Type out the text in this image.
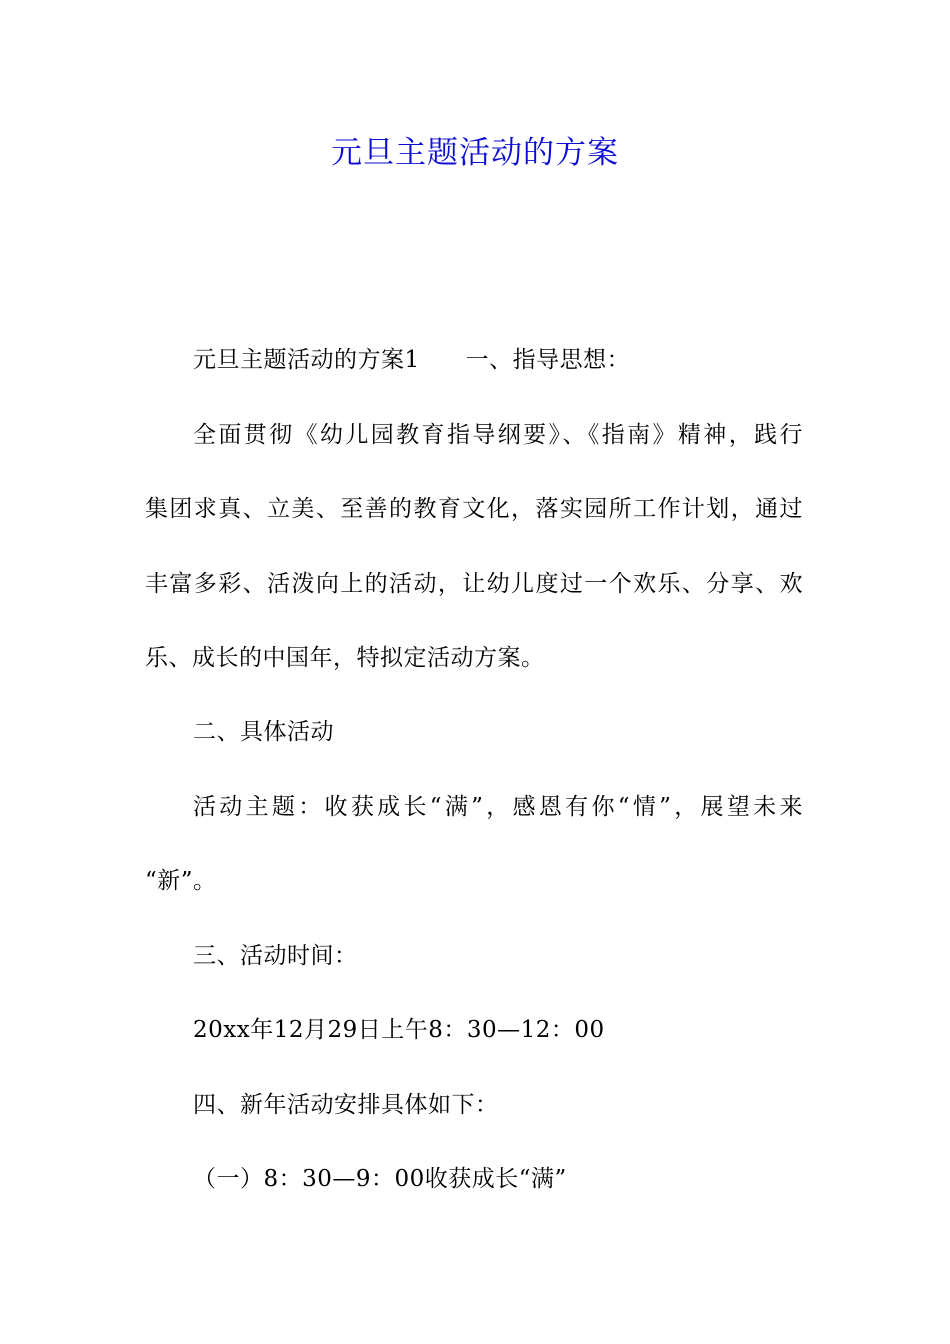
元旦主题活动的方案
元旦主题活动的方案1 一、指导思想：
全面贯彻《幼儿园教育指导纲要》、《指南》精神，践行
集团求真、立美、至善的教育文化，落实园所工作计划，通过
丰富多彩、活泼向上的活动，让幼儿度过一个欢乐、分享、欢
乐、成长的中国年，特拟定活动方案。
二、具体活动
活动主题：收获成长“满”，感恩有你“情”，展望未来
“新”。
三、活动时间：
20xx年12月29日上午8：30—12：00
四、新年活动安排具体如下：
（一）8：30—9：00收获成长“满”
